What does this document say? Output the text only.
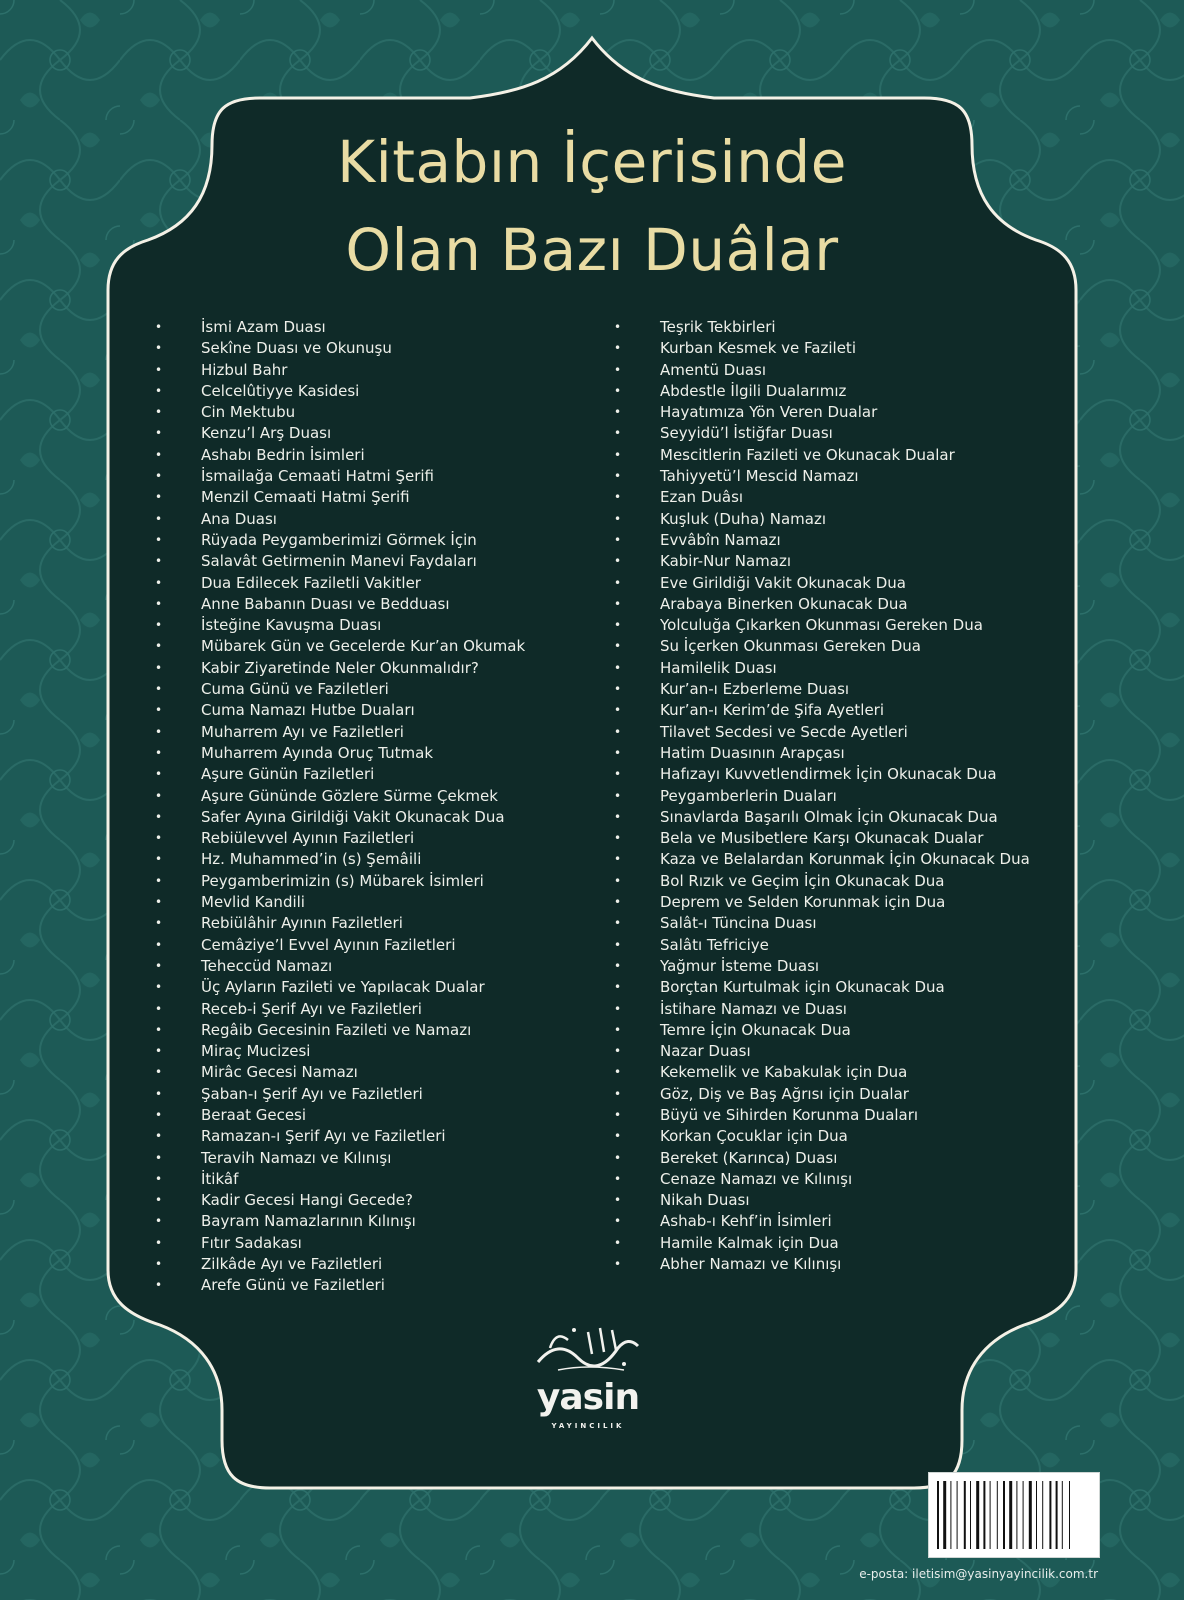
Kitabın İçerisinde
Olan Bazı Duâlar
•	İsmi Azam Duası
•	Sekîne Duası ve Okunuşu
•	Hizbul Bahr
•	Celcelûtiyye Kasidesi
•	Cin Mektubu
•	Kenzu’l Arş Duası
•	Ashabı Bedrin İsimleri
•	İsmailağa Cemaati Hatmi Şerifi
•	Menzil Cemaati Hatmi Şerifi
•	Ana Duası
•	Rüyada Peygamberimizi Görmek İçin
•	Salavât Getirmenin Manevi Faydaları
•	Dua Edilecek Faziletli Vakitler
•	Anne Babanın Duası ve Bedduası
•	İsteğine Kavuşma Duası
•	Mübarek Gün ve Gecelerde Kur’an Okumak
•	Kabir Ziyaretinde Neler Okunmalıdır?
•	Cuma Günü ve Faziletleri
•	Cuma Namazı Hutbe Duaları
•	Muharrem Ayı ve Faziletleri
•	Muharrem Ayında Oruç Tutmak
•	Aşure Günün Faziletleri
•	Aşure Gününde Gözlere Sürme Çekmek
•	Safer Ayına Girildiği Vakit Okunacak Dua
•	Rebiülevvel Ayının Faziletleri
•	Hz. Muhammed’in (s) Şemâili
•	Peygamberimizin (s) Mübarek İsimleri
•	Mevlid Kandili
•	Rebiülâhir Ayının Faziletleri
•	Cemâziye’l Evvel Ayının Faziletleri
•	Teheccüd Namazı
•	Üç Ayların Fazileti ve Yapılacak Dualar
•	Receb-i Şerif Ayı ve Faziletleri
•	Regâib Gecesinin Fazileti ve Namazı
•	Miraç Mucizesi
•	Mirâc Gecesi Namazı
•	Şaban-ı Şerif Ayı ve Faziletleri
•	Beraat Gecesi
•	Ramazan-ı Şerif Ayı ve Faziletleri
•	Teravih Namazı ve Kılınışı
•	İtikâf
•	Kadir Gecesi Hangi Gecede?
•	Bayram Namazlarının Kılınışı
•	Fıtır Sadakası
•	Zilkâde Ayı ve Faziletleri
•	Arefe Günü ve Faziletleri
•	Teşrik Tekbirleri
•	Kurban Kesmek ve Fazileti
•	Amentü Duası
•	Abdestle İlgili Dualarımız
•	Hayatımıza Yön Veren Dualar
•	Seyyidü’l İstiğfar Duası
•	Mescitlerin Fazileti ve Okunacak Dualar
•	Tahiyyetü’l Mescid Namazı
•	Ezan Duâsı
•	Kuşluk (Duha) Namazı
•	Evvâbîn Namazı
•	Kabir-Nur Namazı
•	Eve Girildiği Vakit Okunacak Dua
•	Arabaya Binerken Okunacak Dua
•	Yolculuğa Çıkarken Okunması Gereken Dua
•	Su İçerken Okunması Gereken Dua
•	Hamilelik Duası
•	Kur’an-ı Ezberleme Duası
•	Kur’an-ı Kerim’de Şifa Ayetleri
•	Tilavet Secdesi ve Secde Ayetleri
•	Hatim Duasının Arapçası
•	Hafızayı Kuvvetlendirmek İçin Okunacak Dua
•	Peygamberlerin Duaları
•	Sınavlarda Başarılı Olmak İçin Okunacak Dua
•	Bela ve Musibetlere Karşı Okunacak Dualar
•	Kaza ve Belalardan Korunmak İçin Okunacak Dua
•	Bol Rızık ve Geçim İçin Okunacak Dua
•	Deprem ve Selden Korunmak için Dua
•	Salât-ı Tüncina Duası
•	Salâtı Tefriciye
•	Yağmur İsteme Duası
•	Borçtan Kurtulmak için Okunacak Dua
•	İstihare Namazı ve Duası
•	Temre İçin Okunacak Dua
•	Nazar Duası
•	Kekemelik ve Kabakulak için Dua
•	Göz, Diş ve Baş Ağrısı için Dualar
•	Büyü ve Sihirden Korunma Duaları
•	Korkan Çocuklar için Dua
•	Bereket (Karınca) Duası
•	Cenaze Namazı ve Kılınışı
•	Nikah Duası
•	Ashab-ı Kehf’in İsimleri
•	Hamile Kalmak için Dua
•	Abher Namazı ve Kılınışı
yasin
YAYINCILIK
e-posta: iletisim@yasinyayincilik.com.tr
